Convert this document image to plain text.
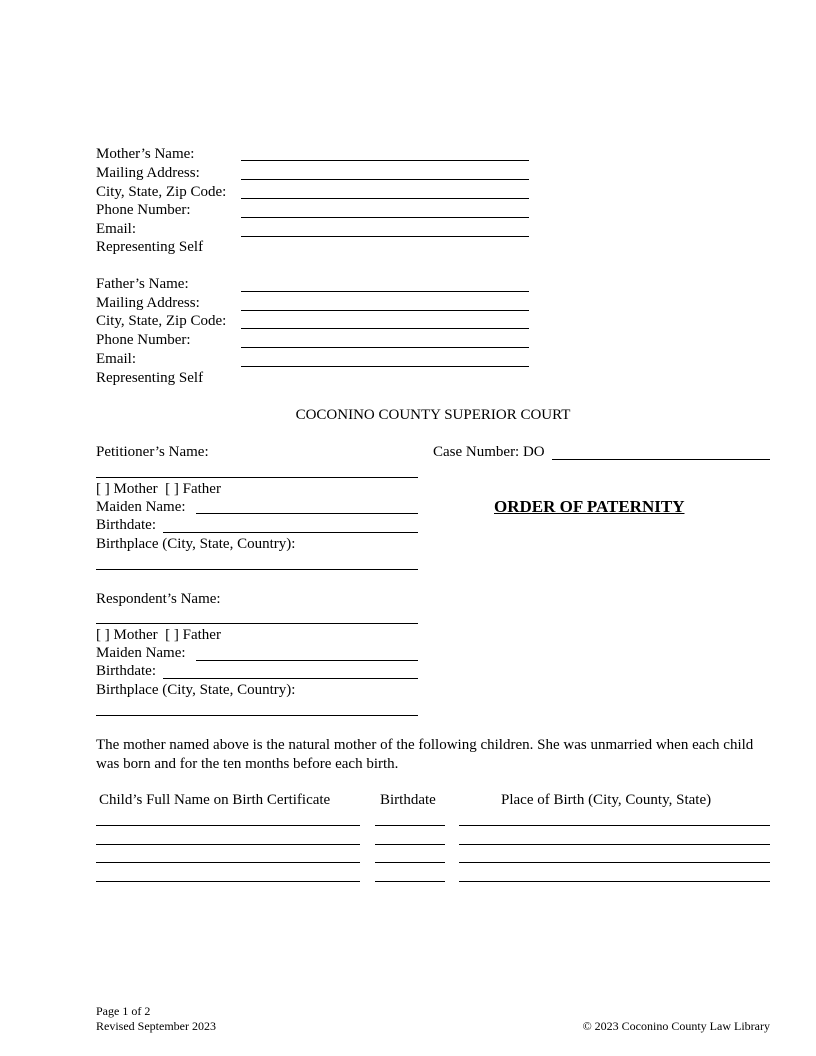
Mother’s Name:
Mailing Address:
City, State, Zip Code:
Phone Number:
Email:
Representing Self
Father’s Name:
Mailing Address:
City, State, Zip Code:
Phone Number:
Email:
Representing Self
COCONINO COUNTY SUPERIOR COURT
Petitioner’s Name:
[ ] Mother  [ ] Father
Maiden Name:
Birthdate:
Birthplace (City, State, Country):
Case Number: DO
ORDER OF PATERNITY
Respondent’s Name:
[ ] Mother  [ ] Father
Maiden Name:
Birthdate:
Birthplace (City, State, Country):
The mother named above is the natural mother of the following children. She was unmarried when each child was born and for the ten months before each birth.
Child’s Full Name on Birth Certificate	Birthdate	Place of Birth (City, County, State)
Page 1 of 2
Revised September 2023	© 2023 Coconino County Law Library
